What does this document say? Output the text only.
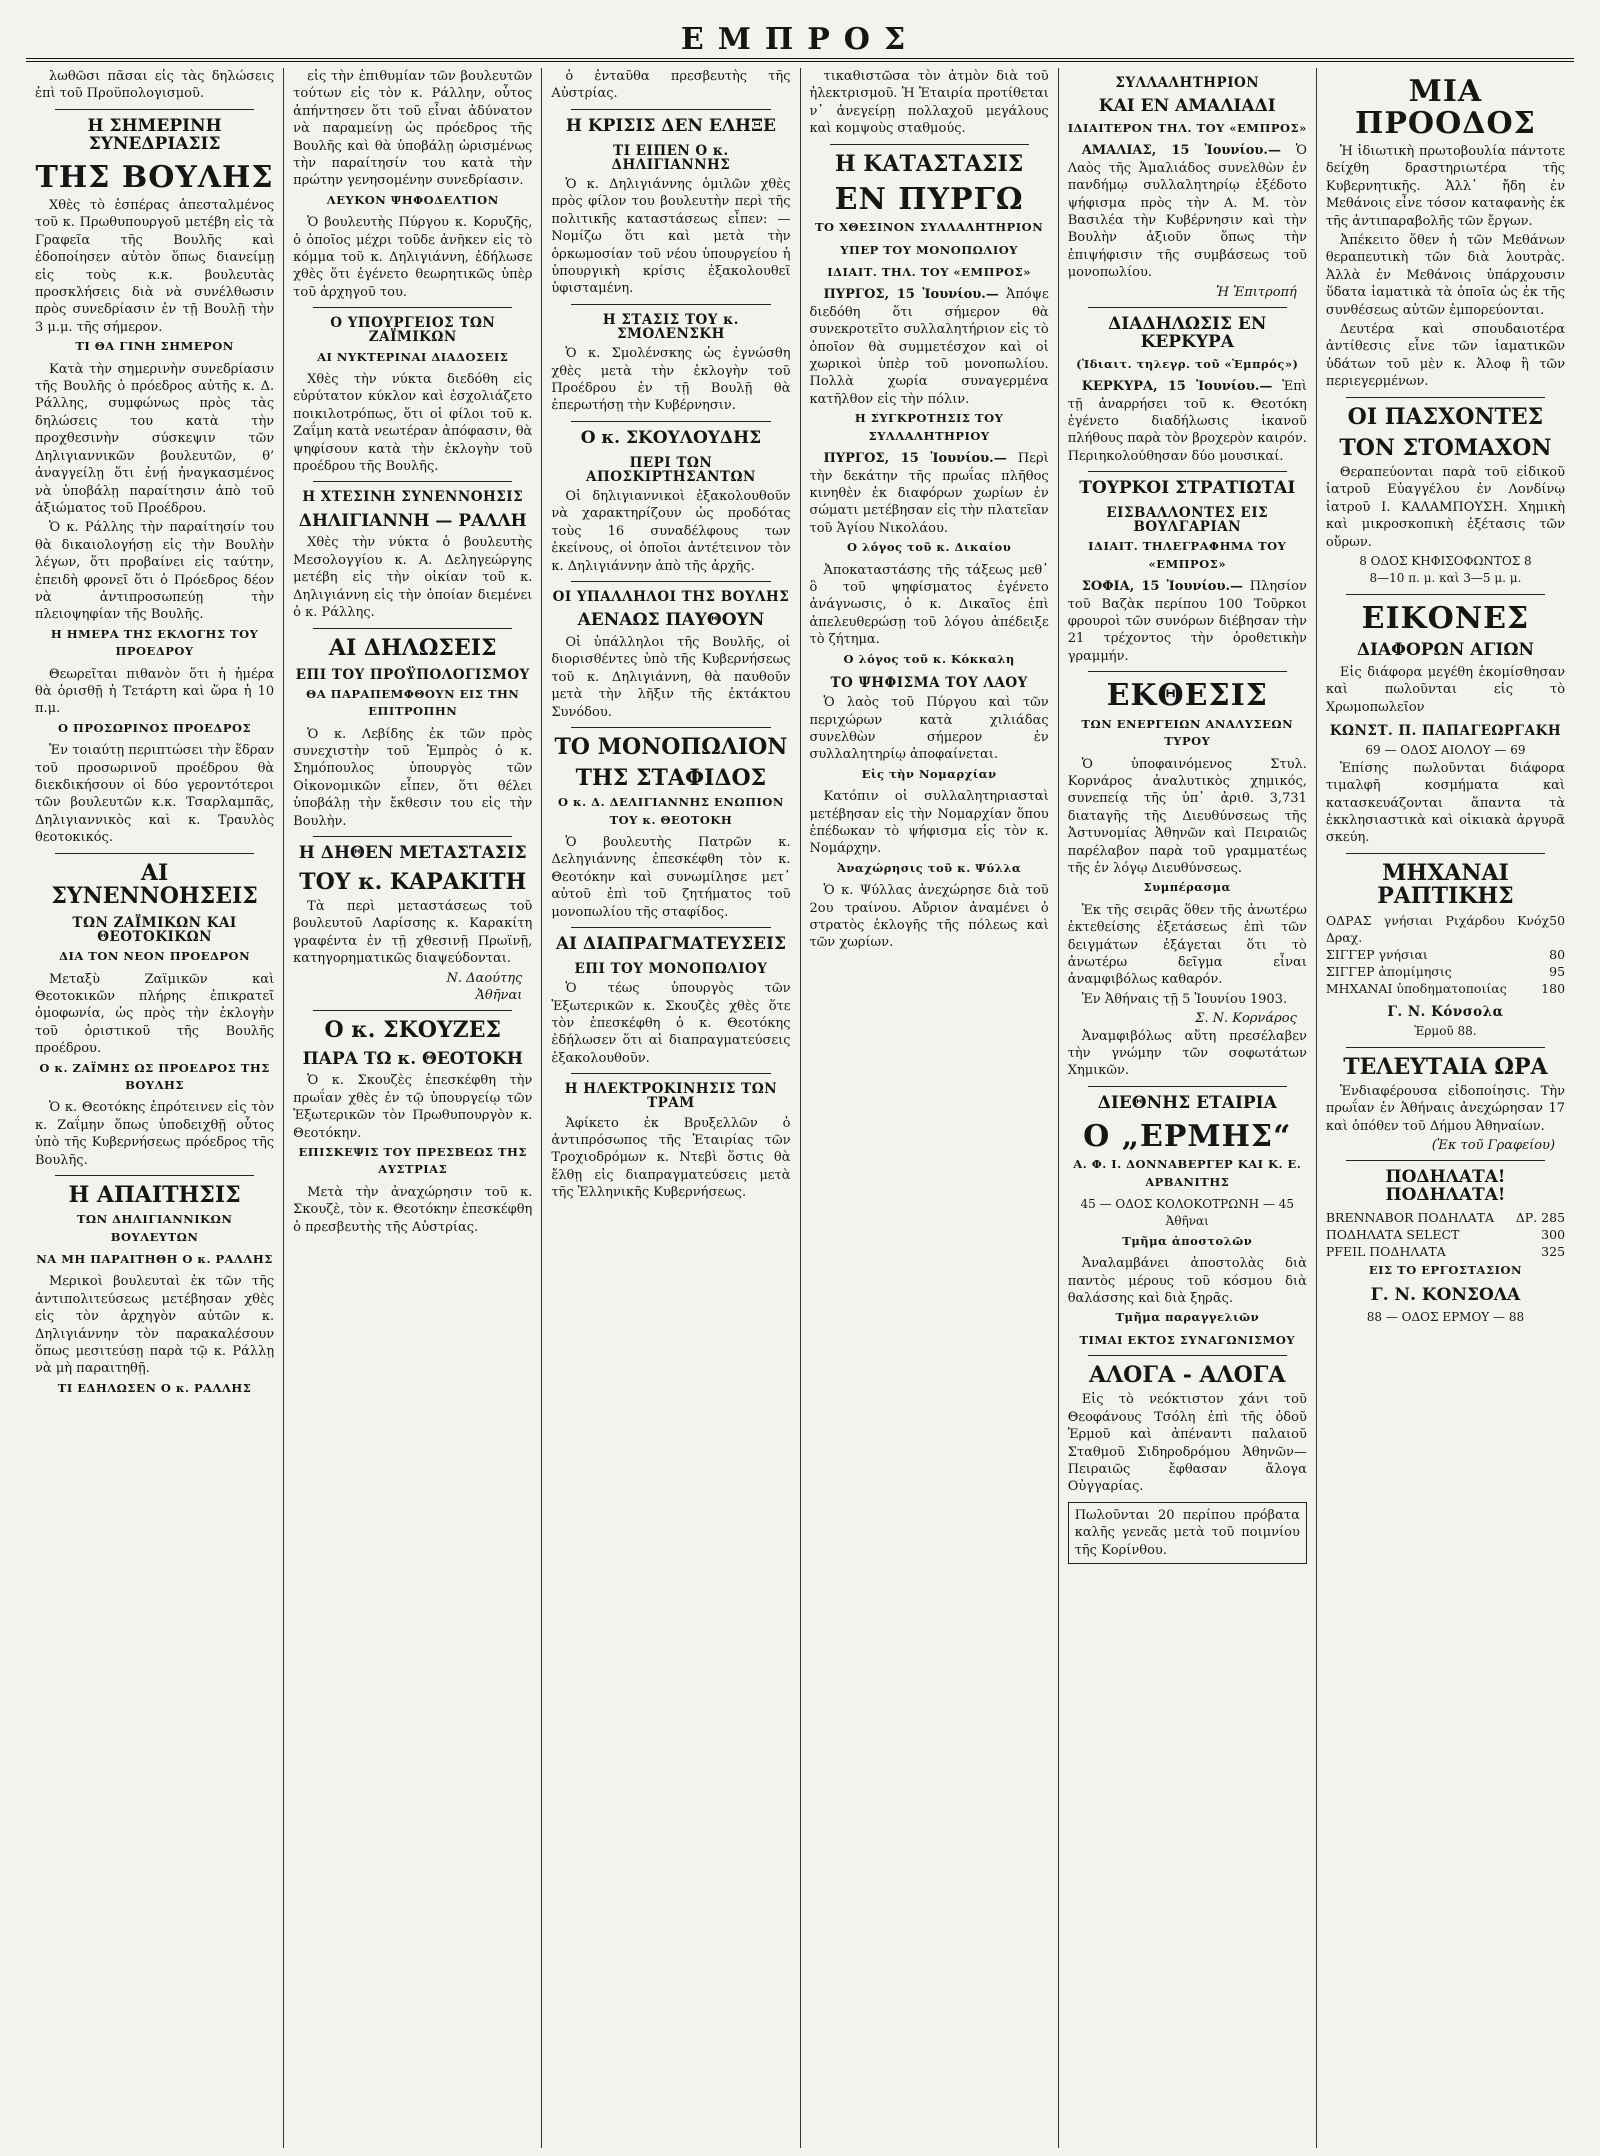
ΕΜΠΡΟΣ

λωθῶσι πᾶσαι εἰς τὰς δηλώσεις ἐπὶ τοῦ Προϋπολογισμοῦ.

Η ΣΗΜΕΡΙΝΗ ΣΥΝΕΔΡΙΑΣΙΣ
ΤΗΣ ΒΟΥΛΗΣ

Χθὲς τὸ ἑσπέρας ἀπεσταλμένος τοῦ κ. Πρωθυπουργοῦ μετέβη εἰς τὰ Γραφεῖα τῆς Βουλῆς καὶ ἐδοποίησεν αὐτὸν ὅπως διανείμῃ εἰς τοὺς κ.κ. βουλευτὰς προσκλήσεις διὰ νὰ συνέλθωσιν πρὸς συνεδρίασιν ἐν τῇ Βουλῇ τὴν 3 μ.μ. τῆς σήμερον.

ΤΙ ΘΑ ΓΙΝΗ ΣΗΜΕΡΟΝ

Κατὰ τὴν σημερινὴν συνεδρίασιν τῆς Βουλῆς ὁ πρόεδρος αὐτῆς κ. Δ. Ράλλης, συμφώνως πρὸς τὰς δηλώσεις του κατὰ τὴν προχθεσινὴν σύσκεψιν τῶν Δηλιγιαννικῶν βουλευτῶν, θ’ ἀναγγείλῃ ὅτι ἐνῄ ἠναγκασμένος νὰ ὑποβάλῃ παραίτησιν ἀπὸ τοῦ ἀξιώματος τοῦ Προέδρου.

Ὁ κ. Ράλλης τὴν παραίτησίν του θὰ δικαιολογήσῃ εἰς τὴν Βουλὴν λέγων, ὅτι προβαίνει εἰς ταύτην, ἐπειδὴ φρονεῖ ὅτι ὁ Πρόεδρος δέον νὰ ἀντιπροσωπεύῃ τὴν πλειοψηφίαν τῆς Βουλῆς.

Η ΗΜΕΡΑ ΤΗΣ ΕΚΛΟΓΗΣ ΤΟΥ ΠΡΟΕΔΡΟΥ

Θεωρεῖται πιθανὸν ὅτι ἡ ἡμέρα θὰ ὁρισθῇ ἡ Τετάρτη καὶ ὥρα ἡ 10 π.μ.

Ο ΠΡΟΣΩΡΙΝΟΣ ΠΡΟΕΔΡΟΣ

Ἐν τοιαύτῃ περιπτώσει τὴν ἕδραν τοῦ προσωρινοῦ προέδρου θὰ διεκδικήσουν οἱ δύο γεροντότεροι τῶν βουλευτῶν κ.κ. Τσαρλαμπᾶς, Δηλιγιαννικὸς καὶ κ. Τραυλὸς θεοτοκικός.

ΑΙ ΣΥΝΕΝΝΟΗΣΕΙΣ
ΤΩΝ ΖΑΪΜΙΚΩΝ ΚΑΙ ΘΕΟΤΟΚΙΚΩΝ
ΔΙΑ ΤΟΝ ΝΕΟΝ ΠΡΟΕΔΡΟΝ

Μεταξὺ Ζαϊμικῶν καὶ Θεοτοκικῶν πλήρης ἐπικρατεῖ ὁμοφωνία, ὡς πρὸς τὴν ἐκλογὴν τοῦ ὁριστικοῦ τῆς Βουλῆς προέδρου.

Ο κ. ΖΑΪΜΗΣ ΩΣ ΠΡΟΕΔΡΟΣ ΤΗΣ ΒΟΥΛΗΣ

Ὁ κ. Θεοτόκης ἐπρότεινεν εἰς τὸν κ. Ζαΐμην ὅπως ὑποδειχθῇ οὗτος ὑπὸ τῆς Κυβερνήσεως πρόεδρος τῆς Βουλῆς.

Η ΑΠΑΙΤΗΣΙΣ
ΤΩΝ ΔΗΛΙΓΙΑΝΝΙΚΩΝ ΒΟΥΛΕΥΤΩΝ
ΝΑ ΜΗ ΠΑΡΑΙΤΗΘΗ Ο κ. ΡΑΛΛΗΣ

Μερικοὶ βουλευταὶ ἐκ τῶν τῆς ἀντιπολιτεύσεως μετέβησαν χθὲς εἰς τὸν ἀρχηγὸν αὐτῶν κ. Δηλιγιάννην τὸν παρακαλέσουν ὅπως μεσιτεύσῃ παρὰ τῷ κ. Ράλλῃ νὰ μὴ παραιτηθῇ.

ΤΙ ΕΔΗΛΩΣΕΝ Ο κ. ΡΑΛΛΗΣ

εἰς τὴν ἐπιθυμίαν τῶν βουλευτῶν τούτων εἰς τὸν κ. Ράλλην, οὗτος ἀπήντησεν ὅτι τοῦ εἶναι ἀδύνατον νὰ παραμείνῃ ὡς πρόεδρος τῆς Βουλῆς καὶ θὰ ὑποβάλῃ ὡρισμένως τὴν παραίτησίν του κατὰ τὴν πρώτην γενησομένην συνεδρίασιν.

ΛΕΥΚΟΝ ΨΗΦΟΔΕΛΤΙΟΝ

Ὁ βουλευτὴς Πύργου κ. Κορυζῆς, ὁ ὁποῖος μέχρι τοῦδε ἀνῆκεν εἰς τὸ κόμμα τοῦ κ. Δηλιγιάννη, ἐδήλωσε χθὲς ὅτι ἐγένετο θεωρητικῶς ὑπὲρ τοῦ ἀρχηγοῦ του.

Ο ΥΠΟΥΡΓΕΙΟΣ ΤΩΝ ΖΑΪΜΙΚΩΝ
ΑΙ ΝΥΚΤΕΡΙΝΑΙ ΔΙΑΔΟΣΕΙΣ

Χθὲς τὴν νύκτα διεδόθη εἰς εὐρύτατον κύκλον καὶ ἐσχολιάζετο ποικιλοτρόπως, ὅτι οἱ φίλοι τοῦ κ. Ζαΐμη κατὰ νεωτέραν ἀπόφασιν, θὰ ψηφίσουν κατὰ τὴν ἐκλογὴν τοῦ προέδρου τῆς Βουλῆς.

Η ΧΤΕΣΙΝΗ ΣΥΝΕΝΝΟΗΣΙΣ
ΔΗΛΙΓΙΑΝΝΗ — ΡΑΛΛΗ

Χθὲς τὴν νύκτα ὁ βουλευτὴς Μεσολογγίου κ. Α. Δεληγεώργης μετέβη εἰς τὴν οἰκίαν τοῦ κ. Δηλιγιάννη εἰς τὴν ὁποίαν διεμένει ὁ κ. Ράλλης.

ΑΙ ΔΗΛΩΣΕΙΣ
ΕΠΙ ΤΟΥ ΠΡΟΫΠΟΛΟΓΙΣΜΟΥ
ΘΑ ΠΑΡΑΠΕΜΦΘΟΥΝ ΕΙΣ ΤΗΝ ΕΠΙΤΡΟΠΗΝ

Ὁ κ. Λεβίδης ἐκ τῶν πρὸς συνεχιστὴν τοῦ Ἐμπρὸς ὁ κ. Σημόπουλος ὑπουργὸς τῶν Οἰκονομικῶν εἶπεν, ὅτι θέλει ὑποβάλῃ τὴν ἔκθεσιν του εἰς τὴν Βουλὴν.

Η ΔΗΘΕΝ ΜΕΤΑΣΤΑΣΙΣ
ΤΟΥ κ. ΚΑΡΑΚΙΤΗ

Τὰ περὶ μεταστάσεως τοῦ βουλευτοῦ Λαρίσσης κ. Καρακίτη γραφέντα ἐν τῇ χθεσινῇ Πρωϊνῇ, κατηγορηματικῶς διαψεύδονται.

Ν. Δαούτης
Ἀθῆναι
Ο κ. ΣΚΟΥΖΕΣ
ΠΑΡΑ ΤΩ κ. ΘΕΟΤΟΚΗ

Ὁ κ. Σκουζὲς ἐπεσκέφθη τὴν πρωΐαν χθὲς ἐν τῷ ὑπουργείῳ τῶν Ἐξωτερικῶν τὸν Πρωθυπουργὸν κ. Θεοτόκην.

ΕΠΙΣΚΕΨΙΣ ΤΟΥ ΠΡΕΣΒΕΩΣ ΤΗΣ ΑΥΣΤΡΙΑΣ

Μετὰ τὴν ἀναχώρησιν τοῦ κ. Σκουζὲ, τὸν κ. Θεοτόκην ἐπεσκέφθη ὁ πρεσβευτὴς τῆς Αὐστρίας.

ὁ ἐνταῦθα πρεσβευτὴς τῆς Αὐστρίας.

Η ΚΡΙΣΙΣ ΔΕΝ ΕΛΗΞΕ
ΤΙ ΕΙΠΕΝ Ο κ. ΔΗΛΙΓΙΑΝΝΗΣ

Ὁ κ. Δηλιγιάννης ὁμιλῶν χθὲς πρὸς φίλον του βουλευτὴν περὶ τῆς πολιτικῆς καταστάσεως εἶπεν: — Νομίζω ὅτι καὶ μετὰ τὴν ὁρκωμοσίαν τοῦ νέου ὑπουργείου ἡ ὑπουργικὴ κρίσις ἐξακολουθεῖ ὑφισταμένη.

Η ΣΤΑΣΙΣ ΤΟΥ κ. ΣΜΟΛΕΝΣΚΗ

Ὁ κ. Σμολένσκης ὡς ἐγνώσθη χθὲς μετὰ τὴν ἐκλογὴν τοῦ Προέδρου ἐν τῇ Βουλῇ θὰ ἐπερωτήσῃ τὴν Κυβέρνησιν.

Ο κ. ΣΚΟΥΛΟΥΔΗΣ
ΠΕΡΙ ΤΩΝ ΑΠΟΣΚΙΡΤΗΣΑΝΤΩΝ

Οἱ δηλιγιαννικοὶ ἐξακολουθοῦν νὰ χαρακτηρίζουν ὡς προδότας τοὺς 16 συναδέλφους των ἐκείνους, οἱ ὁποῖοι ἀντέτεινον τὸν κ. Δηλιγιάννην ἀπὸ τῆς ἀρχῆς.

ΟΙ ΥΠΑΛΛΗΛΟΙ ΤΗΣ ΒΟΥΛΗΣ
ΑΕΝΑΩΣ ΠΑΥΘΟΥΝ

Οἱ ὑπάλληλοι τῆς Βουλῆς, οἱ διορισθέντες ὑπὸ τῆς Κυβερνήσεως τοῦ κ. Δηλιγιάννη, θὰ παυθοῦν μετὰ τὴν λῆξιν τῆς ἐκτάκτου Συνόδου.

ΤΟ ΜΟΝΟΠΩΛΙΟΝ
ΤΗΣ ΣΤΑΦΙΔΟΣ
Ο κ. Δ. ΔΕΛΙΓΙΑΝΝΗΣ ΕΝΩΠΙΟΝ ΤΟΥ κ. ΘΕΟΤΟΚΗ

Ὁ βουλευτὴς Πατρῶν κ. Δεληγιάννης ἐπεσκέφθη τὸν κ. Θεοτόκην καὶ συνωμίλησε μετ᾽ αὐτοῦ ἐπὶ τοῦ ζητήματος τοῦ μονοπωλίου τῆς σταφίδος.

ΑΙ ΔΙΑΠΡΑΓΜΑΤΕΥΣΕΙΣ
ΕΠΙ ΤΟΥ ΜΟΝΟΠΩΛΙΟΥ

Ὁ τέως ὑπουργὸς τῶν Ἐξωτερικῶν κ. Σκουζὲς χθὲς ὅτε τὸν ἐπεσκέφθη ὁ κ. Θεοτόκης ἐδήλωσεν ὅτι αἱ διαπραγματεύσεις ἐξακολουθοῦν.

Η ΗΛΕΚΤΡΟΚΙΝΗΣΙΣ ΤΩΝ ΤΡΑΜ

Ἀφίκετο ἐκ Βρυξελλῶν ὁ ἀντιπρόσωπος τῆς Ἑταιρίας τῶν Τροχιοδρόμων κ. Ντεβὶ ὅστις θὰ ἔλθῃ εἰς διαπραγματεύσεις μετὰ τῆς Ἑλληνικῆς Κυβερνήσεως.

τικαθιστῶσα τὸν ἀτμὸν διὰ τοῦ ἠλεκτρισμοῦ. Ἡ Ἑταιρία προτίθεται ν᾽ ἀνεγείρῃ πολλαχοῦ μεγάλους καὶ κομψοὺς σταθμούς.

Η ΚΑΤΑΣΤΑΣΙΣ
ΕΝ ΠΥΡΓΩ
ΤΟ ΧΘΕΣΙΝΟΝ ΣΥΛΛΑΛΗΤΗΡΙΟΝ
ΥΠΕΡ ΤΟΥ ΜΟΝΟΠΩΛΙΟΥ
ΙΔΙΑΙΤ. ΤΗΛ. ΤΟΥ «ΕΜΠΡΟΣ»

ΠΥΡΓΟΣ, 15 Ἰουνίου.— Ἀπόψε διεδόθη ὅτι σήμερον θὰ συνεκροτεῖτο συλλαλητήριον εἰς τὸ ὁποῖον θὰ συμμετέσχον καὶ οἱ χωρικοὶ ὑπὲρ τοῦ μονοπωλίου. Πολλὰ χωρία συναγερμένα κατῆλθον εἰς τὴν πόλιν.

Η ΣΥΓΚΡΟΤΗΣΙΣ ΤΟΥ ΣΥΛΛΑΛΗΤΗΡΙΟΥ

ΠΥΡΓΟΣ, 15 Ἰουνίου.— Περὶ τὴν δεκάτην τῆς πρωΐας πλῆθος κινηθὲν ἐκ διαφόρων χωρίων ἐν σώματι μετέβησαν εἰς τὴν πλατεῖαν τοῦ Ἁγίου Νικολάου.

Ο λόγος τοῦ κ. Δικαίου

Ἀποκαταστάσης τῆς τάξεως μεθ᾽ ὃ τοῦ ψηφίσματος ἐγένετο ἀνάγνωσις, ὁ κ. Δικαῖος ἐπὶ ἀπελευθερώσῃ τοῦ λόγου ἀπέδειξε τὸ ζήτημα.

Ο λόγος τοῦ κ. Κόκκαλη
ΤΟ ΨΗΦΙΣΜΑ ΤΟΥ ΛΑΟΥ

Ὁ λαὸς τοῦ Πύργου καὶ τῶν περιχώρων κατὰ χιλιάδας συνελθὼν σήμερον ἐν συλλαλητηρίῳ ἀποφαίνεται.

Εἰς τὴν Νομαρχίαν

Κατόπιν οἱ συλλαλητηριασταὶ μετέβησαν εἰς τὴν Νομαρχίαν ὅπου ἐπέδωκαν τὸ ψήφισμα εἰς τὸν κ. Νομάρχην.

Ἀναχώρησις τοῦ κ. Ψύλλα

Ὁ κ. Ψύλλας ἀνεχώρησε διὰ τοῦ 2ου τραίνου. Αὔριον ἀναμένει ὁ στρατὸς ἐκλογῆς τῆς πόλεως καὶ τῶν χωρίων.

ΣΥΛΛΑΛΗΤΗΡΙΟΝ
ΚΑΙ ΕΝ ΑΜΑΛΙΑΔΙ
ΙΔΙΑΙΤΕΡΟΝ ΤΗΛ. ΤΟΥ «ΕΜΠΡΟΣ»

ΑΜΑΛΙΑΣ, 15 Ἰουνίου.— Ὁ Λαὸς τῆς Ἀμαλιάδος συνελθὼν ἐν πανδήμῳ συλλαλητηρίῳ ἐξέδοτο ψήφισμα πρὸς τὴν Α. Μ. τὸν Βασιλέα τὴν Κυβέρνησιν καὶ τὴν Βουλὴν ἀξιοῦν ὅπως τὴν ἐπιψήφισιν τῆς συμβάσεως τοῦ μονοπωλίου.

Ἡ Ἐπιτροπή
ΔΙΑΔΗΛΩΣΙΣ ΕΝ ΚΕΡΚΥΡΑ
(Ἰδιαιτ. τηλεγρ. τοῦ «Ἐμπρός»)

ΚΕΡΚΥΡΑ, 15 Ἰουνίου.— Ἐπὶ τῇ ἀναρρήσει τοῦ κ. Θεοτόκη ἐγένετο διαδήλωσις ἱκανοῦ πλήθους παρὰ τὸν βροχερὸν καιρόν. Περιηκολούθησαν δύο μουσικαί.

ΤΟΥΡΚΟΙ ΣΤΡΑΤΙΩΤΑΙ
ΕΙΣΒΑΛΛΟΝΤΕΣ ΕΙΣ ΒΟΥΛΓΑΡΙΑΝ
ΙΔΙΑΙΤ. ΤΗΛΕΓΡΑΦΗΜΑ ΤΟΥ «ΕΜΠΡΟΣ»

ΣΟΦΙΑ, 15 Ἰουνίου.— Πλησίον τοῦ Βαζὰκ περίπου 100 Τοῦρκοι φρουροὶ τῶν συνόρων διέβησαν τὴν 21 τρέχοντος τὴν ὁροθετικὴν γραμμήν.

ΕΚΘΕΣΙΣ
ΤΩΝ ΕΝΕΡΓΕΙΩΝ ΑΝΑΛΥΣΕΩΝ ΤΥΡΟΥ

Ὁ ὑποφαινόμενος Στυλ. Κορνάρος ἀναλυτικὸς χημικός, συνεπείᾳ τῆς ὑπ᾽ ἀριθ. 3,731 διαταγῆς τῆς Διευθύνσεως τῆς Ἀστυνομίας Ἀθηνῶν καὶ Πειραιῶς παρέλαβον παρὰ τοῦ γραμματέως τῆς ἐν λόγῳ Διευθύνσεως.

Συμπέρασμα

Ἐκ τῆς σειρᾶς ὅθεν τῆς ἀνωτέρω ἐκτεθείσης ἐξετάσεως ἐπὶ τῶν δειγμάτων ἐξάγεται ὅτι τὸ ἀνωτέρω δεῖγμα εἶναι ἀναμφιβόλως καθαρόν.

Ἐν Ἀθήναις τῇ 5 Ἰουνίου 1903.

Σ. Ν. Κορνάρος

Ἀναμφιβόλως αὕτη πρεσέλαβεν τὴν γνώμην τῶν σοφωτάτων Χημικῶν.

ΔΙΕΘΝΗΣ ΕΤΑΙΡΙΑ
Ο „ΕΡΜΗΣ“
Α. Φ. Ι. ΔΟΝΝΑΒΕΡΓΕΡ ΚΑΙ Κ. Ε. ΑΡΒΑΝΙΤΗΣ
45 — ΟΔΟΣ ΚΟΛΟΚΟΤΡΩΝΗ — 45
Ἀθῆναι
Τμῆμα ἀποστολῶν

Ἀναλαμβάνει ἀποστολὰς διὰ παντὸς μέρους τοῦ κόσμου διὰ θαλάσσης καὶ διὰ ξηρᾶς.

Τμῆμα παραγγελιῶν
ΤΙΜΑΙ ΕΚΤΟΣ ΣΥΝΑΓΩΝΙΣΜΟΥ
ΑΛΟΓΑ - ΑΛΟΓΑ

Εἰς τὸ νεόκτιστον χάνι τοῦ Θεοφάνους Τσόλη ἐπὶ τῆς ὁδοῦ Ἑρμοῦ καὶ ἀπέναντι παλαιοῦ Σταθμοῦ Σιδηροδρόμου Ἀθηνῶν—Πειραιῶς ἔφθασαν ἄλογα Οὐγγαρίας.

Πωλοῦνται 20 περίπου πρόβατα καλῆς γενεᾶς μετὰ τοῦ ποιμνίου τῆς Κορίνθου.
ΜΙΑ ΠΡΟΟΔΟΣ

Ἡ ἰδιωτικὴ πρωτοβουλία πάντοτε δείχθη δραστηριωτέρα τῆς Κυβερνητικῆς. Ἀλλ᾽ ἤδη ἐν Μεθάνοις εἶνε τόσον καταφανὴς ἐκ τῆς ἀντιπαραβολῆς τῶν ἔργων.

Ἀπέκειτο ὅθεν ἡ τῶν Μεθάνων θεραπευτικὴ τῶν διὰ λουτρὰς. Ἀλλὰ ἐν Μεθάνοις ὑπάρχουσιν ὕδατα ἰαματικὰ τὰ ὁποῖα ὡς ἐκ τῆς συνθέσεως αὐτῶν ἐμπορεύονται.

Δευτέρα καὶ σπουδαιοτέρα ἀντίθεσις εἶνε τῶν ἰαματικῶν ὑδάτων τοῦ μὲν κ. Ἀλοφ ἢ τῶν περιεγερμένων.

ΟΙ ΠΑΣΧΟΝΤΕΣ
ΤΟΝ ΣΤΟΜΑΧΟΝ

Θεραπεύονται παρὰ τοῦ εἰδικοῦ ἰατροῦ Εὐαγγέλου ἐν Λονδίνῳ ἰατροῦ Ι. ΚΑΛΑΜΠΟΥΣΗ. Χημικὴ καὶ μικροσκοπικὴ ἐξέτασις τῶν οὔρων.

8 ΟΔΟΣ ΚΗΦΙΣΟΦΩΝΤΟΣ 8
8—10 π. μ. καὶ 3—5 μ. μ.
ΕΙΚΟΝΕΣ
ΔΙΑΦΟΡΩΝ ΑΓΙΩΝ

Εἰς διάφορα μεγέθη ἐκομίσθησαν καὶ πωλοῦνται εἰς τὸ Χρωμοπωλεῖον

ΚΩΝΣΤ. Π. ΠΑΠΑΓΕΩΡΓΑΚΗ
69 — ΟΔΟΣ ΑΙΟΛΟΥ — 69

Ἐπίσης πωλοῦνται διάφορα τιμαλφῆ κοσμήματα καὶ κατασκευάζονται ἅπαντα τὰ ἐκκλησιαστικὰ καὶ οἰκιακὰ ἀργυρᾶ σκεύη.

ΜΗΧΑΝΑΙ ΡΑΠΤΙΚΗΣ
ΟΔΡΑΣ γνήσιαι Ριχάρδου Κνόχ Δραχ.
50
ΣΙΓΓΕΡ γνήσιαι	80
ΣΙΓΓΕΡ ἀπομίμησις	95
ΜΗΧΑΝΑΙ ὑποδηματοποιίας	180
Γ. Ν. Κόνσολα
Ἑρμοῦ 88.
ΤΕΛΕΥΤΑΙΑ ΩΡΑ

Ἐνδιαφέρουσα εἰδοποίησις. Τὴν πρωΐαν ἐν Ἀθήναις ἀνεχώρησαν 17 καὶ ὁπόθεν τοῦ Δήμου Ἀθηναίων.

(Ἐκ τοῦ Γραφείου)
ΠΟΔΗΛΑΤΑ! ΠΟΔΗΛΑΤΑ!
BRENNABOR ΠΟΔΗΛΑΤΑ ΔΡ. 285
ΠΟΔΗΛΑΤΑ SELECT	300
PFEIL ΠΟΔΗΛΑΤΑ	325
ΕΙΣ ΤΟ ΕΡΓΟΣΤΑΣΙΟΝ
Γ. Ν. ΚΟΝΣΟΛΑ
88 — ΟΔΟΣ ΕΡΜΟΥ — 88
